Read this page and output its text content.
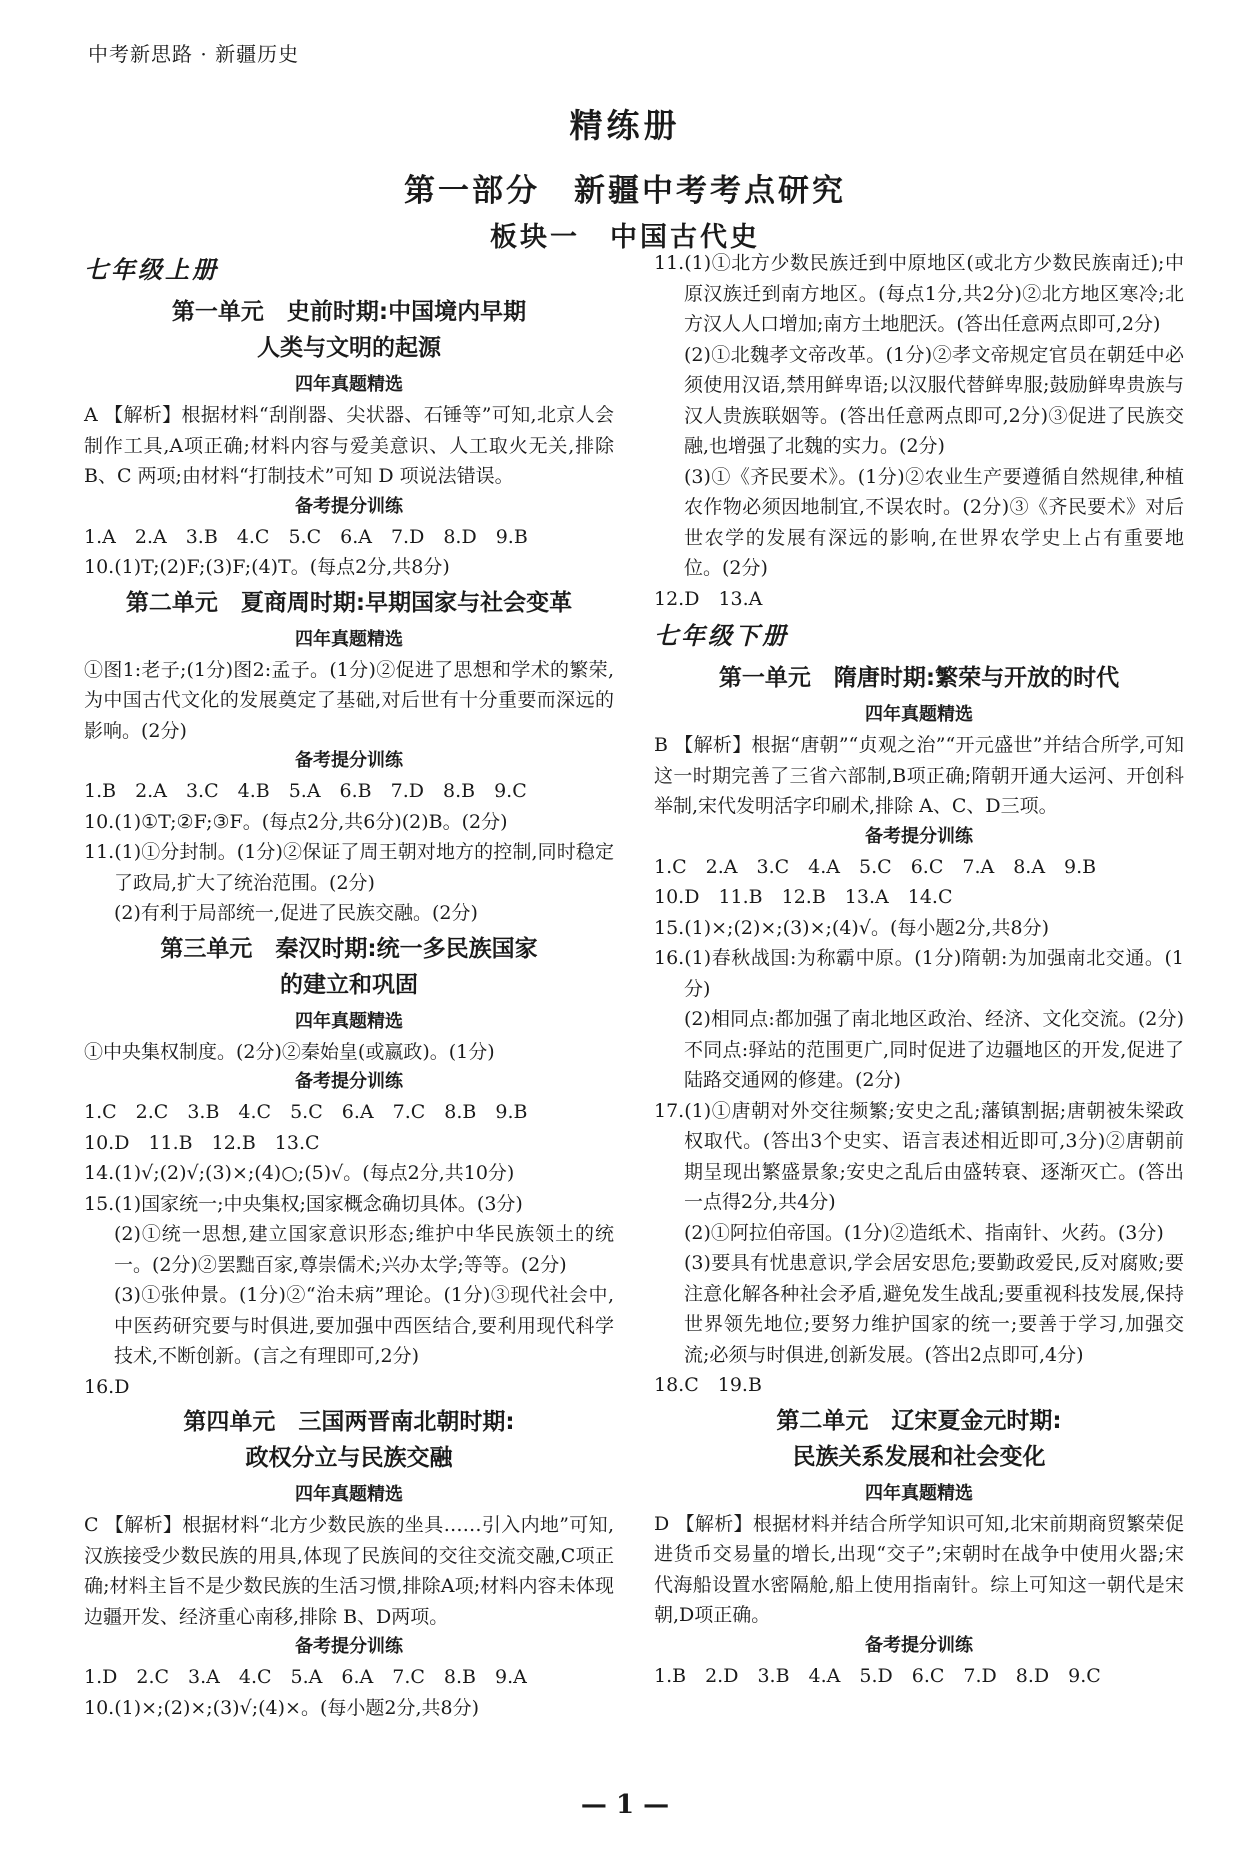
中考新思路 · 新疆历史
精练册
第一部分　新疆中考考点研究
板块一　中国古代史
七年级上册
第一单元　史前时期:中国境内早期
人类与文明的起源
四年真题精选
A 【解析】根据材料“刮削器、尖状器、石锤等”可知,北京人会制作工具,A项正确;材料内容与爱美意识、人工取火无关,排除 B、C 两项;由材料“打制技术”可知 D 项说法错误。
备考提分训练
1.A　2.A　3.B　4.C　5.C　6.A　7.D　8.D　9.B
10.(1)T;(2)F;(3)F;(4)T。(每点2分,共8分)
第二单元　夏商周时期:早期国家与社会变革
四年真题精选
①图1:老子;(1分)图2:孟子。(1分)②促进了思想和学术的繁荣,为中国古代文化的发展奠定了基础,对后世有十分重要而深远的影响。(2分)
备考提分训练
1.B　2.A　3.C　4.B　5.A　6.B　7.D　8.B　9.C
10.(1)①T;②F;③F。(每点2分,共6分)(2)B。(2分)
11.(1)①分封制。(1分)②保证了周王朝对地方的控制,同时稳定了政局,扩大了统治范围。(2分)
(2)有利于局部统一,促进了民族交融。(2分)
第三单元　秦汉时期:统一多民族国家
的建立和巩固
四年真题精选
①中央集权制度。(2分)②秦始皇(或嬴政)。(1分)
备考提分训练
1.C　2.C　3.B　4.C　5.C　6.A　7.C　8.B　9.B
10.D　11.B　12.B　13.C
14.(1)√;(2)√;(3)×;(4)○;(5)√。(每点2分,共10分)
15.(1)国家统一;中央集权;国家概念确切具体。(3分)
(2)①统一思想,建立国家意识形态;维护中华民族领土的统一。(2分)②罢黜百家,尊崇儒术;兴办太学;等等。(2分)
(3)①张仲景。(1分)②“治未病”理论。(1分)③现代社会中,中医药研究要与时俱进,要加强中西医结合,要利用现代科学技术,不断创新。(言之有理即可,2分)
16.D
第四单元　三国两晋南北朝时期:
政权分立与民族交融
四年真题精选
C 【解析】根据材料“北方少数民族的坐具……引入内地”可知,汉族接受少数民族的用具,体现了民族间的交往交流交融,C项正确;材料主旨不是少数民族的生活习惯,排除A项;材料内容未体现边疆开发、经济重心南移,排除 B、D两项。
备考提分训练
1.D　2.C　3.A　4.C　5.A　6.A　7.C　8.B　9.A
10.(1)×;(2)×;(3)√;(4)×。(每小题2分,共8分)
11.(1)①北方少数民族迁到中原地区(或北方少数民族南迁);中原汉族迁到南方地区。(每点1分,共2分)②北方地区寒冷;北方汉人人口增加;南方土地肥沃。(答出任意两点即可,2分)
(2)①北魏孝文帝改革。(1分)②孝文帝规定官员在朝廷中必须使用汉语,禁用鲜卑语;以汉服代替鲜卑服;鼓励鲜卑贵族与汉人贵族联姻等。(答出任意两点即可,2分)③促进了民族交融,也增强了北魏的实力。(2分)
(3)①《齐民要术》。(1分)②农业生产要遵循自然规律,种植农作物必须因地制宜,不误农时。(2分)③《齐民要术》对后世农学的发展有深远的影响,在世界农学史上占有重要地位。(2分)
12.D　13.A
七年级下册
第一单元　隋唐时期:繁荣与开放的时代
四年真题精选
B 【解析】根据“唐朝”“贞观之治”“开元盛世”并结合所学,可知这一时期完善了三省六部制,B项正确;隋朝开通大运河、开创科举制,宋代发明活字印刷术,排除 A、C、D三项。
备考提分训练
1.C　2.A　3.C　4.A　5.C　6.C　7.A　8.A　9.B
10.D　11.B　12.B　13.A　14.C
15.(1)×;(2)×;(3)×;(4)√。(每小题2分,共8分)
16.(1)春秋战国:为称霸中原。(1分)隋朝:为加强南北交通。(1分)
(2)相同点:都加强了南北地区政治、经济、文化交流。(2分)不同点:驿站的范围更广,同时促进了边疆地区的开发,促进了陆路交通网的修建。(2分)
17.(1)①唐朝对外交往频繁;安史之乱;藩镇割据;唐朝被朱梁政权取代。(答出3个史实、语言表述相近即可,3分)②唐朝前期呈现出繁盛景象;安史之乱后由盛转衰、逐渐灭亡。(答出一点得2分,共4分)
(2)①阿拉伯帝国。(1分)②造纸术、指南针、火药。(3分)
(3)要具有忧患意识,学会居安思危;要勤政爱民,反对腐败;要注意化解各种社会矛盾,避免发生战乱;要重视科技发展,保持世界领先地位;要努力维护国家的统一;要善于学习,加强交流;必须与时俱进,创新发展。(答出2点即可,4分)
18.C　19.B
第二单元　辽宋夏金元时期:
民族关系发展和社会变化
四年真题精选
D 【解析】根据材料并结合所学知识可知,北宋前期商贸繁荣促进货币交易量的增长,出现“交子”;宋朝时在战争中使用火器;宋代海船设置水密隔舱,船上使用指南针。综上可知这一朝代是宋朝,D项正确。
备考提分训练
1.B　2.D　3.B　4.A　5.D　6.C　7.D　8.D　9.C
— 1 —
